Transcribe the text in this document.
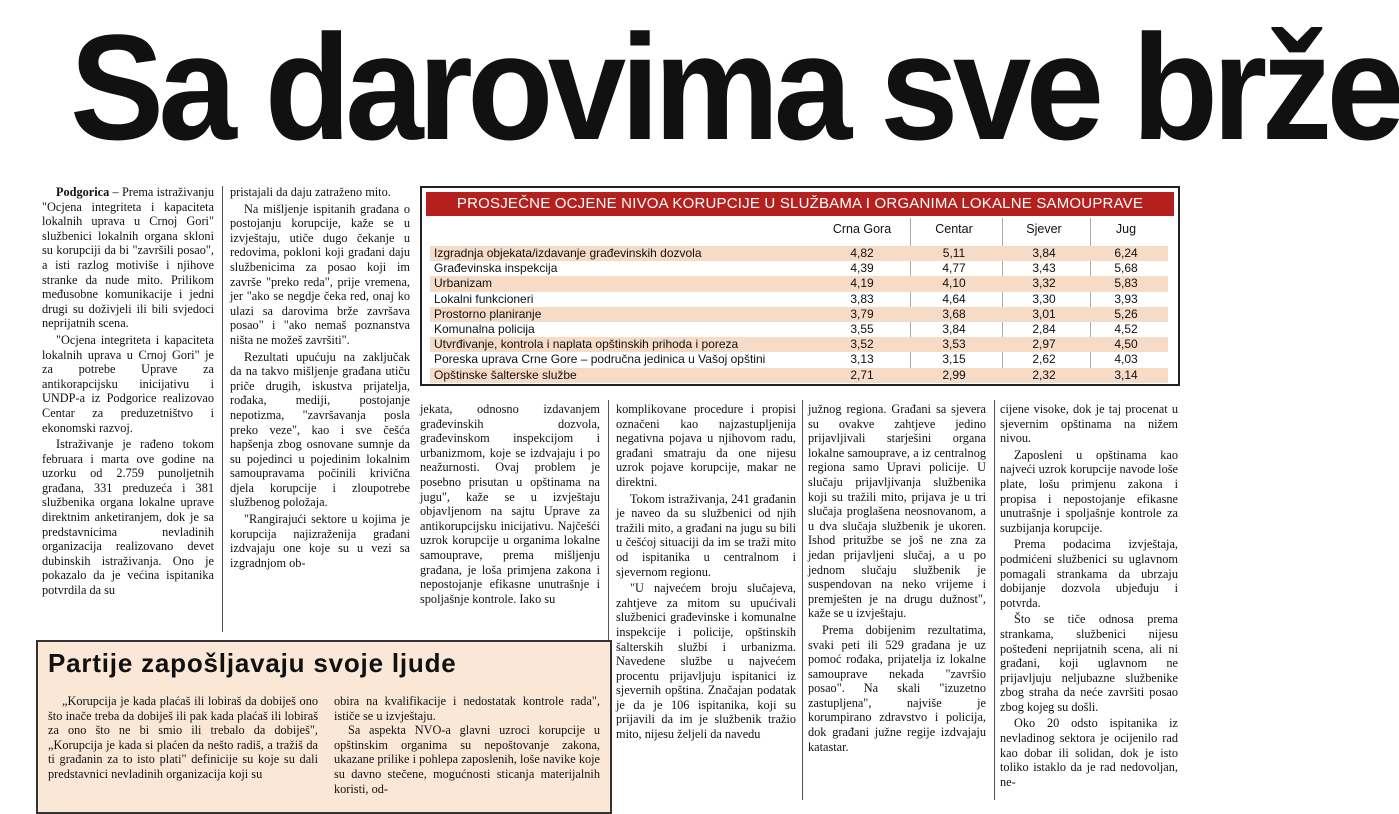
Sa darovima sve brže

Podgorica – Prema istraživanju "Ocjena integriteta i kapaciteta lokalnih uprava u Crnoj Gori" službenici lokalnih organa skloni su korupciji da bi "završili posao", a isti razlog motiviše i njihove stranke da nude mito. Prilikom međusobne komunikacije i jedni drugi su doživjeli ili bili svjedoci neprijatnih scena.

"Ocjena integriteta i kapaciteta lokalnih uprava u Crnoj Gori" je za potrebe Uprave za antikorapcijsku inicijativu i UNDP-a iz Podgorice realizovao Centar za preduzetništvo i ekonomski razvoj.

Istraživanje je rađeno tokom februara i marta ove godine na uzorku od 2.759 punoljetnih građana, 331 preduzeća i 381 službenika organa lokalne uprave direktnim anketiranjem, dok je sa predstavnicima nevladinih organizacija realizovano devet dubinskih istraživanja. Ono je pokazalo da je većina ispitanika potvrdila da su

pristajali da daju zatraženo mito.

Na mišljenje ispitanih građana o postojanju korupcije, kaže se u izvještaju, utiče dugo čekanje u redovima, pokloni koji građani daju službenicima za posao koji im završe "preko reda", prije vremena, jer "ako se negdje čeka red, onaj ko ulazi sa darovima brže završava posao" i "ako nemaš poznanstva ništa ne možeš završiti".

Rezultati upućuju na zaključak da na takvo mišljenje građana utiču priče drugih, iskustva prijatelja, rođaka, mediji, postojanje nepotizma, "završavanja posla preko veze", kao i sve češća hapšenja zbog osnovane sumnje da su pojedinci u pojedinim lokalnim samoupravama počinili krivična djela korupcije i zloupotrebe službenog položaja.

"Rangirajući sektore u kojima je korupcija najizraženija građani izdvajaju one koje su u vezi sa izgradnjom ob-

PROSJEČNE OCJENE NIVOA KORUPCIJE U SLUŽBAMA I ORGANIMA LOKALNE SAMOUPRAVE
Crna Gora	Centar	Sjever	Jug
Izgradnja objekata/izdavanje građevinskih dozvola	4,82	5,11	3,84	6,24
Građevinska inspekcija	4,39	4,77	3,43	5,68
Urbanizam	4,19	4,10	3,32	5,83
Lokalni funkcioneri	3,83	4,64	3,30	3,93
Prostorno planiranje	3,79	3,68	3,01	5,26
Komunalna policija	3,55	3,84	2,84	4,52
Utvrđivanje, kontrola i naplata opštinskih prihoda i poreza	3,52	3,53	2,97	4,50
Poreska uprava Crne Gore – područna jedinica u Vašoj opštini	3,13	3,15	2,62	4,03
Opštinske šalterske službe	2,71	2,99	2,32	3,14

jekata, odnosno izdavanjem građevinskih dozvola, građevinskom inspekcijom i urbanizmom, koje se izdvajaju i po neažurnosti. Ovaj problem je posebno prisutan u opštinama na jugu", kaže se u izvještaju objavljenom na sajtu Uprave za antikorupcijsku inicijativu. Najčešći uzrok korupcije u organima lokalne samouprave, prema mišljenju građana, je loša primjena zakona i nepostojanje efikasne unutrašnje i spoljašnje kontrole. Iako su

komplikovane procedure i propisi označeni kao najzastupljenija negativna pojava u njihovom radu, građani smatraju da one nijesu uzrok pojave korupcije, makar ne direktni.

Tokom istraživanja, 241 građanin je naveo da su službenici od njih tražili mito, a građani na jugu su bili u češćoj situaciji da im se traži mito od ispitanika u centralnom i sjevernom regionu.

"U najvećem broju slučajeva, zahtjeve za mitom su upućivali službenici građevinske i komunalne inspekcije i policije, opštinskih šalterskih službi i urbanizma. Navedene službe u najvećem procentu prijavljuju ispitanici iz sjevernih opština. Značajan podatak je da je 106 ispitanika, koji su prijavili da im je službenik tražio mito, nijesu željeli da navedu

južnog regiona. Građani sa sjevera su ovakve zahtjeve jedino prijavljivali starješini organa lokalne samouprave, a iz centralnog regiona samo Upravi policije. U slučaju prijavljivanja službenika koji su tražili mito, prijava je u tri slučaja proglašena neosnovanom, a u dva slučaja službenik je ukoren. Ishod pritužbe se još ne zna za jedan prijavljeni slučaj, a u po jednom slučaju službenik je suspendovan na neko vrijeme i premješten je na drugu dužnost", kaže se u izvještaju.

Prema dobijenim rezultatima, svaki peti ili 529 građana je uz pomoć rođaka, prijatelja iz lokalne samouprave nekada "završio posao". Na skali "izuzetno zastupljena", najviše je korumpirano zdravstvo i policija, dok građani južne regije izdvajaju katastar.

cijene visoke, dok je taj procenat u sjevernim opštinama na nižem nivou.

Zaposleni u opštinama kao najveći uzrok korupcije navode loše plate, lošu primjenu zakona i propisa i nepostojanje efikasne unutrašnje i spoljašnje kontrole za suzbijanja korupcije.

Prema podacima izvještaja, podmićeni službenici su uglavnom pomagali strankama da ubrzaju dobijanje dozvola ubjeđuju i potvrda.

Što se tiče odnosa prema strankama, službenici nijesu pošteđeni neprijatnih scena, ali ni građani, koji uglavnom ne prijavljuju neljubazne službenike zbog straha da neće završiti posao zbog kojeg su došli.

Oko 20 odsto ispitanika iz nevladinog sektora je ocijenilo rad kao dobar ili solidan, dok je isto toliko istaklo da je rad nedovoljan, ne-

Partije zapošljavaju svoje ljude

„Korupcija je kada plaćaš ili lobiraš da dobiješ ono što inače treba da dobiješ ili pak kada plaćaš ili lobiraš za ono što ne bi smio ili trebalo da dobiješ", „Korupcija je kada si plaćen da nešto radiš, a tražiš da ti građanin za to isto plati" definicije su koje su dali predstavnici nevladinih organizacija koji su

obira na kvalifikacije i nedostatak kontrole rada", ističe se u izvještaju.

Sa aspekta NVO-a glavni uzroci korupcije u opštinskim organima su nepoštovanje zakona, ukazane prilike i pohlepa zaposlenih, loše navike koje su davno stečene, mogućnosti sticanja materijalnih koristi, od-
